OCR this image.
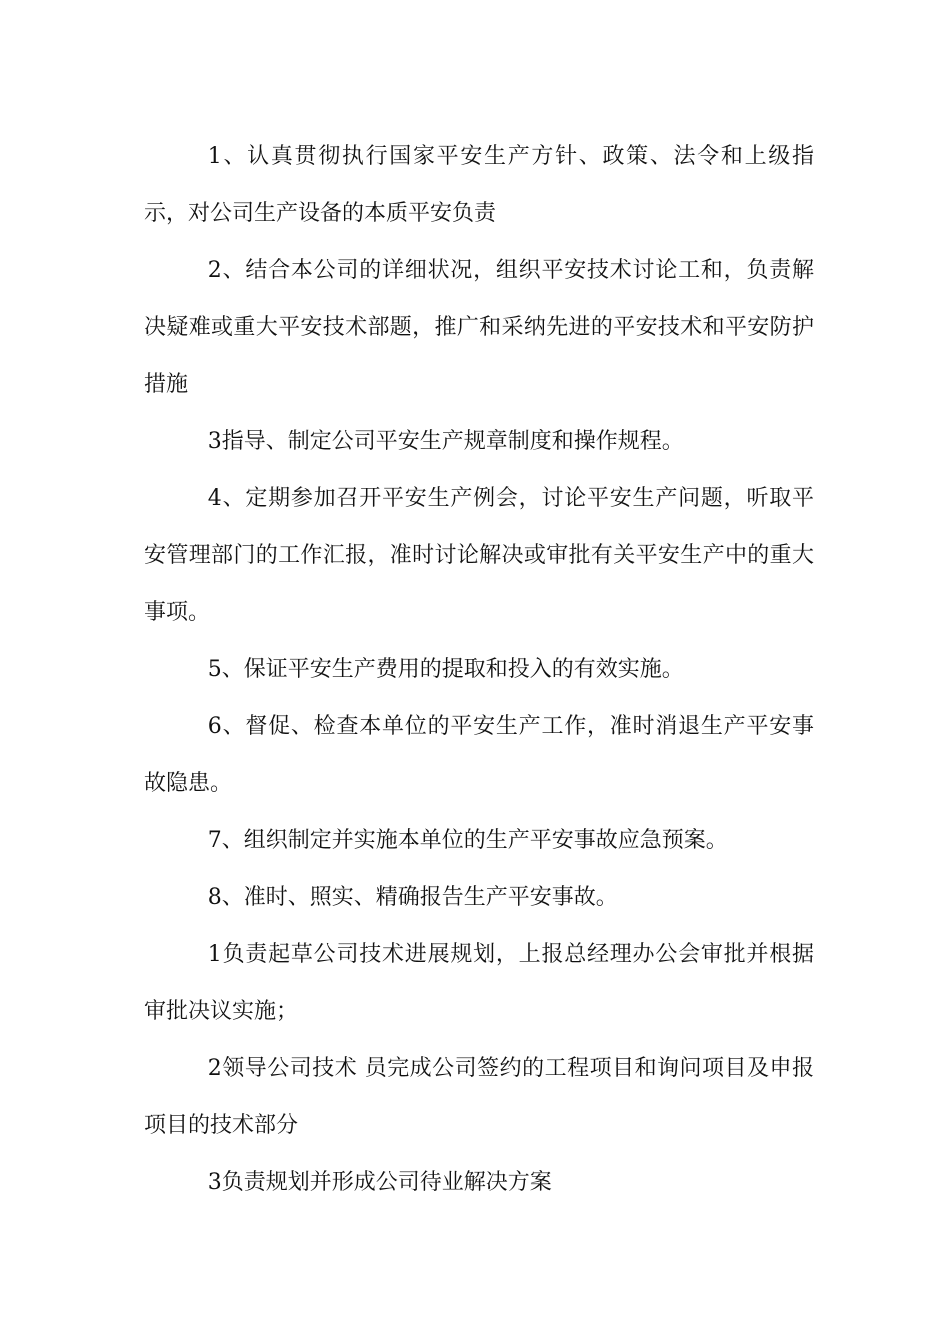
1、认真贯彻执行国家平安生产方针、政策、法令和上级指示，对公司生产设备的本质平安负责

2、结合本公司的详细状况，组织平安技术讨论工和，负责解决疑难或重大平安技术部题，推广和采纳先进的平安技术和平安防护措施

3指导、制定公司平安生产规章制度和操作规程。

4、定期参加召开平安生产例会，讨论平安生产问题，听取平安管理部门的工作汇报，准时讨论解决或审批有关平安生产中的重大事项。

5、保证平安生产费用的提取和投入的有效实施。

6、督促、检查本单位的平安生产工作，准时消退生产平安事故隐患。

7、组织制定并实施本单位的生产平安事故应急预案。

8、准时、照实、精确报告生产平安事故。

1负责起草公司技术进展规划，上报总经理办公会审批并根据审批决议实施；

2领导公司技术 员完成公司签约的工程项目和询问项目及申报项目的技术部分

3负责规划并形成公司待业解决方案
